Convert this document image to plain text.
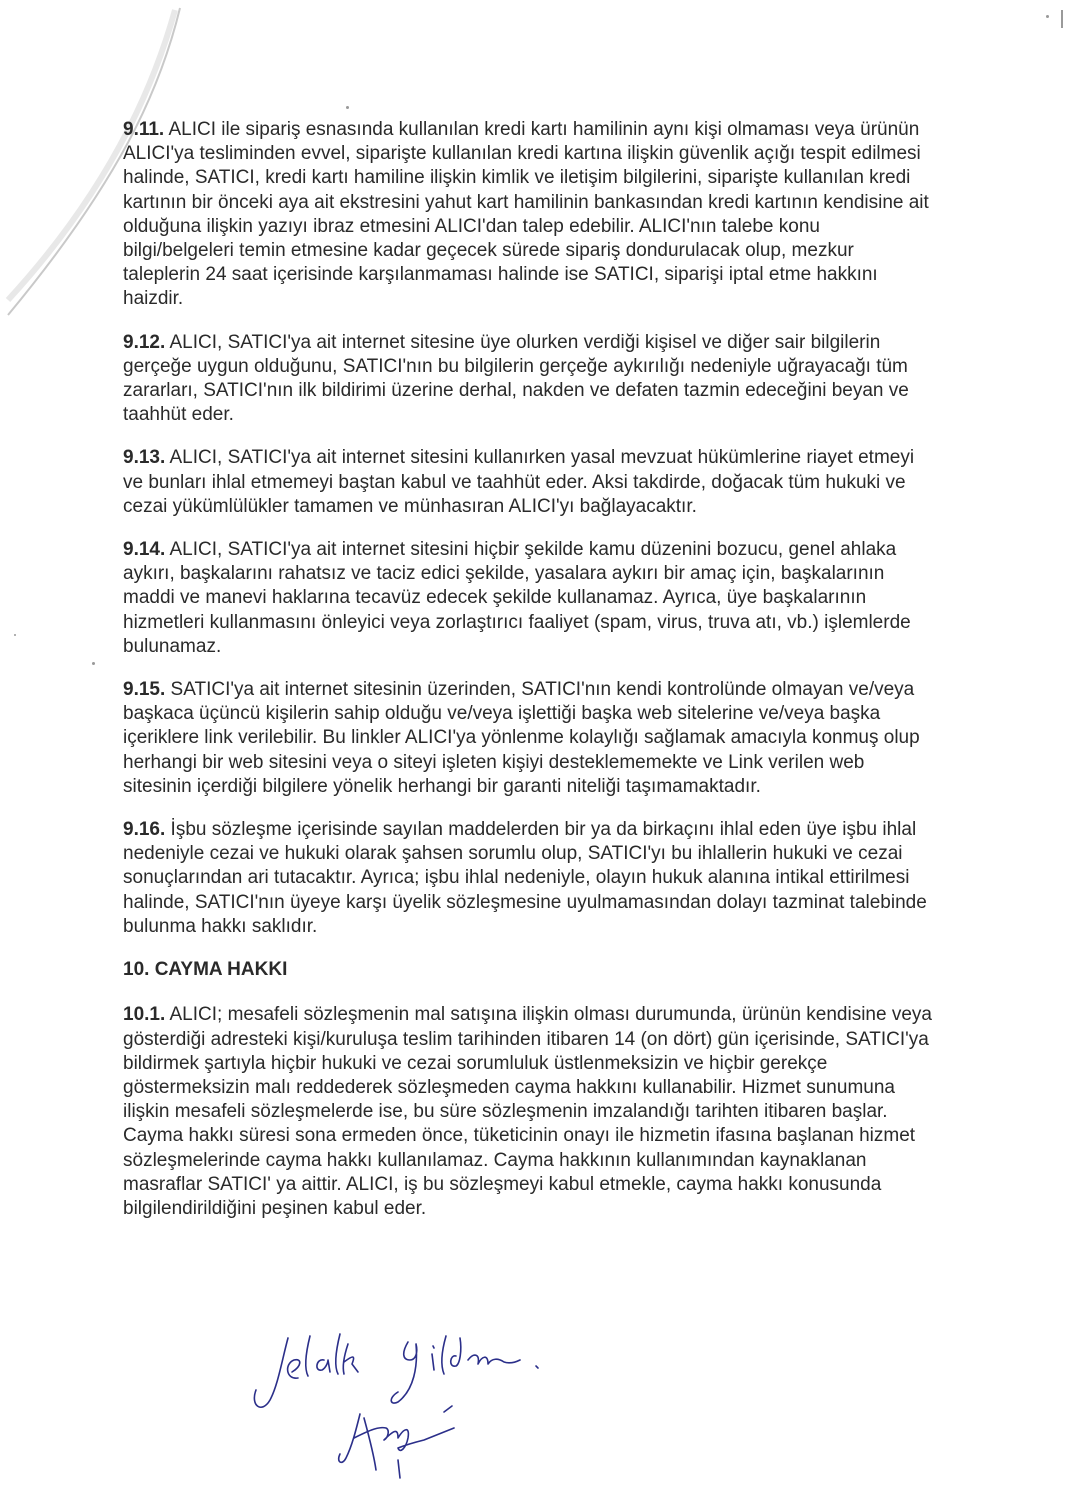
9.11. ALICI ile sipariş esnasında kullanılan kredi kartı hamilinin aynı kişi olmaması veya ürünün ALICI'ya tesliminden evvel, siparişte kullanılan kredi kartına ilişkin güvenlik açığı tespit edilmesi halinde, SATICI, kredi kartı hamiline ilişkin kimlik ve iletişim bilgilerini, siparişte kullanılan kredi kartının bir önceki aya ait ekstresini yahut kart hamilinin bankasından kredi kartının kendisine ait olduğuna ilişkin yazıyı ibraz etmesini ALICI'dan talep edebilir. ALICI'nın talebe konu bilgi/belgeleri temin etmesine kadar geçecek sürede sipariş dondurulacak olup, mezkur taleplerin 24 saat içerisinde karşılanmaması halinde ise SATICI, siparişi iptal etme hakkını haizdir.

9.12. ALICI, SATICI'ya ait internet sitesine üye olurken verdiği kişisel ve diğer sair bilgilerin gerçeğe uygun olduğunu, SATICI'nın bu bilgilerin gerçeğe aykırılığı nedeniyle uğrayacağı tüm zararları, SATICI'nın ilk bildirimi üzerine derhal, nakden ve defaten tazmin edeceğini beyan ve taahhüt eder.

9.13. ALICI, SATICI'ya ait internet sitesini kullanırken yasal mevzuat hükümlerine riayet etmeyi ve bunları ihlal etmemeyi baştan kabul ve taahhüt eder. Aksi takdirde, doğacak tüm hukuki ve cezai yükümlülükler tamamen ve münhasıran ALICI'yı bağlayacaktır.

9.14. ALICI, SATICI'ya ait internet sitesini hiçbir şekilde kamu düzenini bozucu, genel ahlaka aykırı, başkalarını rahatsız ve taciz edici şekilde, yasalara aykırı bir amaç için, başkalarının maddi ve manevi haklarına tecavüz edecek şekilde kullanamaz. Ayrıca, üye başkalarının hizmetleri kullanmasını önleyici veya zorlaştırıcı faaliyet (spam, virus, truva atı, vb.) işlemlerde bulunamaz.

9.15. SATICI'ya ait internet sitesinin üzerinden, SATICI'nın kendi kontrolünde olmayan ve/veya başkaca üçüncü kişilerin sahip olduğu ve/veya işlettiği başka web sitelerine ve/veya başka içeriklere link verilebilir. Bu linkler ALICI'ya yönlenme kolaylığı sağlamak amacıyla konmuş olup herhangi bir web sitesini veya o siteyi işleten kişiyi desteklememekte ve Link verilen web sitesinin içerdiği bilgilere yönelik herhangi bir garanti niteliği taşımamaktadır.

9.16. İşbu sözleşme içerisinde sayılan maddelerden bir ya da birkaçını ihlal eden üye işbu ihlal nedeniyle cezai ve hukuki olarak şahsen sorumlu olup, SATICI'yı bu ihlallerin hukuki ve cezai sonuçlarından ari tutacaktır. Ayrıca; işbu ihlal nedeniyle, olayın hukuk alanına intikal ettirilmesi halinde, SATICI'nın üyeye karşı üyelik sözleşmesine uyulmamasından dolayı tazminat talebinde bulunma hakkı saklıdır.

10. CAYMA HAKKI

10.1. ALICI; mesafeli sözleşmenin mal satışına ilişkin olması durumunda, ürünün kendisine veya gösterdiği adresteki kişi/kuruluşa teslim tarihinden itibaren 14 (on dört) gün içerisinde, SATICI'ya bildirmek şartıyla hiçbir hukuki ve cezai sorumluluk üstlenmeksizin ve hiçbir gerekçe göstermeksizin malı reddederek sözleşmeden cayma hakkını kullanabilir. Hizmet sunumuna ilişkin mesafeli sözleşmelerde ise, bu süre sözleşmenin imzalandığı tarihten itibaren başlar. Cayma hakkı süresi sona ermeden önce, tüketicinin onayı ile hizmetin ifasına başlanan hizmet sözleşmelerinde cayma hakkı kullanılamaz. Cayma hakkının kullanımından kaynaklanan masraflar SATICI' ya aittir. ALICI, iş bu sözleşmeyi kabul etmekle, cayma hakkı konusunda bilgilendirildiğini peşinen kabul eder.
